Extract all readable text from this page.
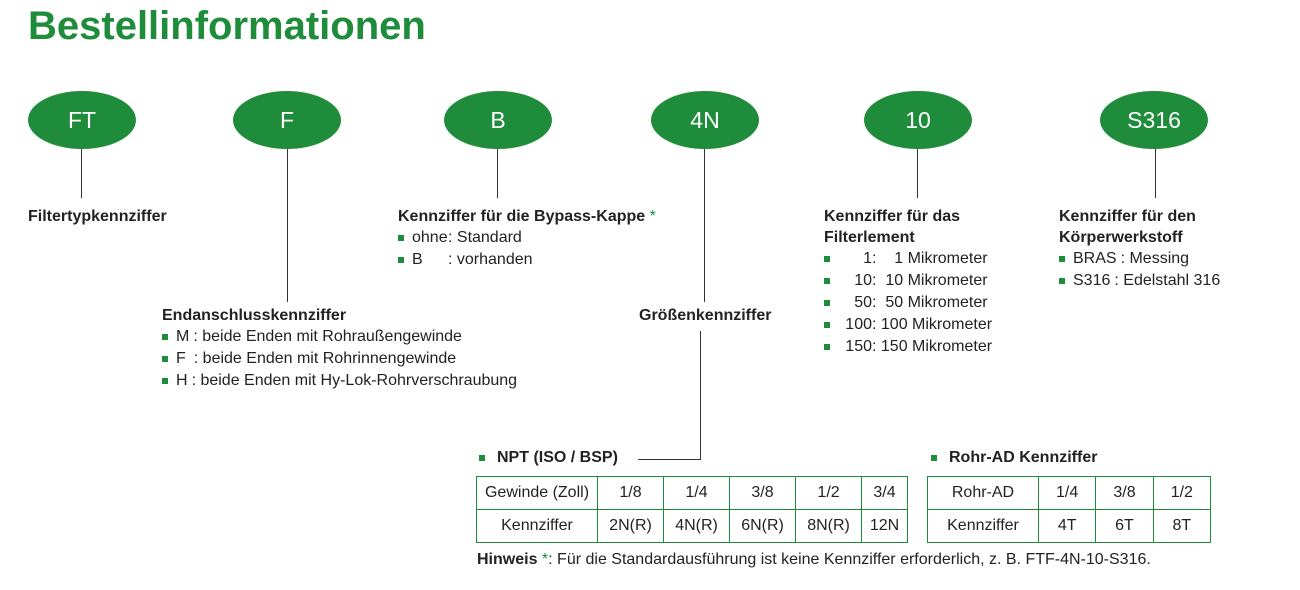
Bestellinformationen
FT	F	B	4N	10	S316

Filtertypkennziffer

Endanschlusskennziffer

M : beide Enden mit Rohraußengewinde
F : beide Enden mit Rohrinnengewinde
H : beide Enden mit Hy-Lok-Rohrverschraubung

Kennziffer für die Bypass-Kappe *

ohne : Standard
B	: vorhanden

Größenkennziffer

Kennziffer für das

Filterlement

1 :    1 Mikrometer
10 :  10 Mikrometer
50 :  50 Mikrometer
100 : 100 Mikrometer
150 : 150 Mikrometer

Kennziffer für den

Körperwerkstoff

BRAS : Messing
S316 : Edelstahl 316
NPT (ISO / BSP)
Gewinde (Zoll)	1/8	1/4	3/8	1/2	3/4
Kennziffer	2N(R)	4N(R)	6N(R)	8N(R)	12N
Rohr-AD Kennziffer
Rohr-AD	1/4	3/8	1/2
Kennziffer	4T	6T	8T
Hinweis *: Für die Standardausführung ist keine Kennziffer erforderlich, z. B. FTF-4N-10-S316.
